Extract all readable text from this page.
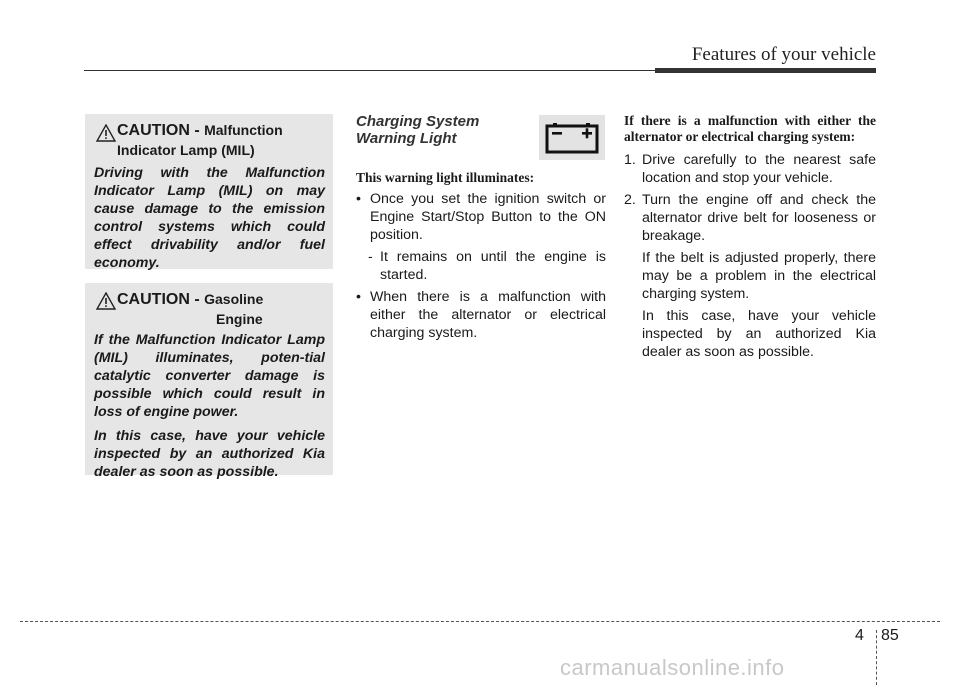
Features of your vehicle
CAUTION - Malfunction
Indicator Lamp (MIL)

Driving with the Malfunction Indicator Lamp (MIL) on may cause damage to the emission control systems which could effect drivability and/or fuel economy.

CAUTION - Gasoline
Engine

If the Malfunction Indicator Lamp (MIL) illuminates, poten-tial catalytic converter damage is possible which could result in loss of engine power.

In this case, have your vehicle inspected by an authorized Kia dealer as soon as possible.

Charging System
Warning Light
This warning light illuminates:
• Once you set the ignition switch or Engine Start/Stop Button to the ON position.
- It remains on until the engine is started.
• When there is a malfunction with either the alternator or electrical charging system.
If there is a malfunction with either the alternator or electrical charging system:
1. Drive carefully to the nearest safe location and stop your vehicle.
2. Turn the engine off and check the alternator drive belt for looseness or breakage.
If the belt is adjusted properly, there may be a problem in the electrical charging system.
In this case, have your vehicle inspected by an authorized Kia dealer as soon as possible.
4 85
carmanualsonline.info
